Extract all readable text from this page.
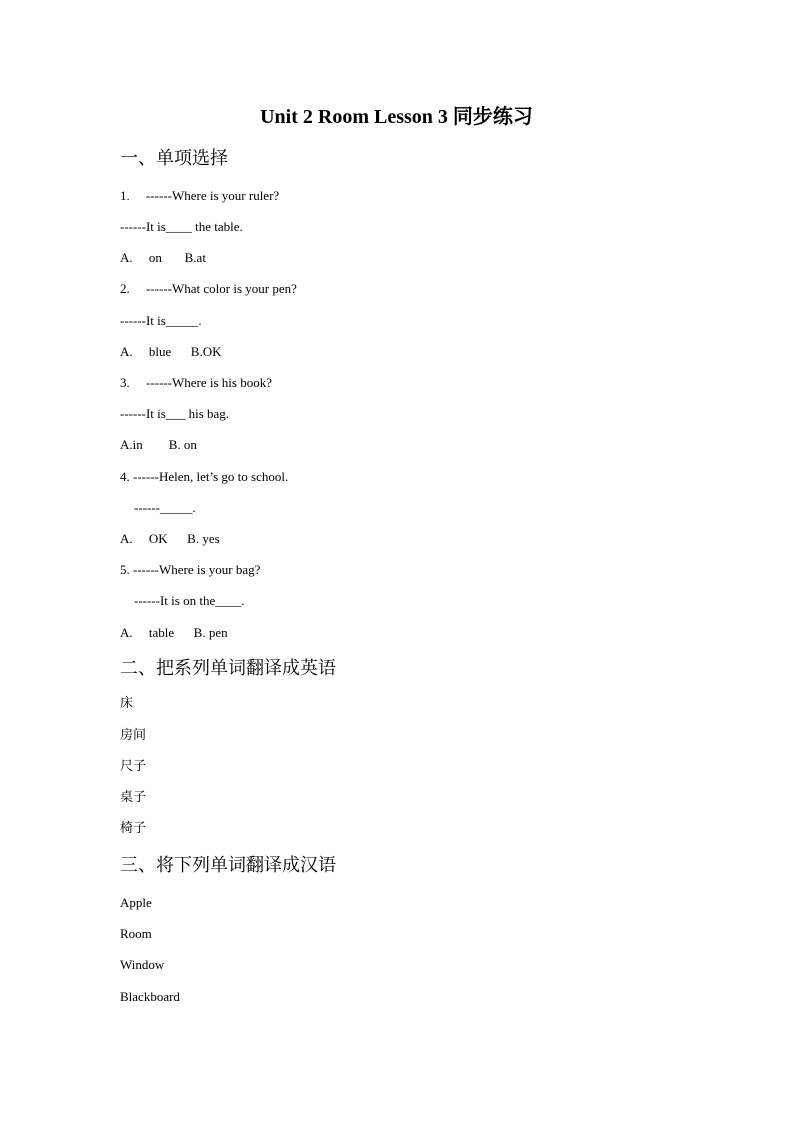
Unit 2 Room Lesson 3 同步练习
一、单项选择
1.     ------Where is your ruler?
------It is____ the table.
A.     on       B.at
2.     ------What color is your pen?
------It is_____.
A.     blue      B.OK
3.     ------Where is his book?
------It is___ his bag.
A.in        B. on
4. ------Helen, let’s go to school.
------_____.
A.     OK      B. yes
5. ------Where is your bag?
------It is on the____.
A.     table      B. pen
二、把系列单词翻译成英语
床
房间
尺子
桌子
椅子
三、将下列单词翻译成汉语
Apple
Room
Window
Blackboard
